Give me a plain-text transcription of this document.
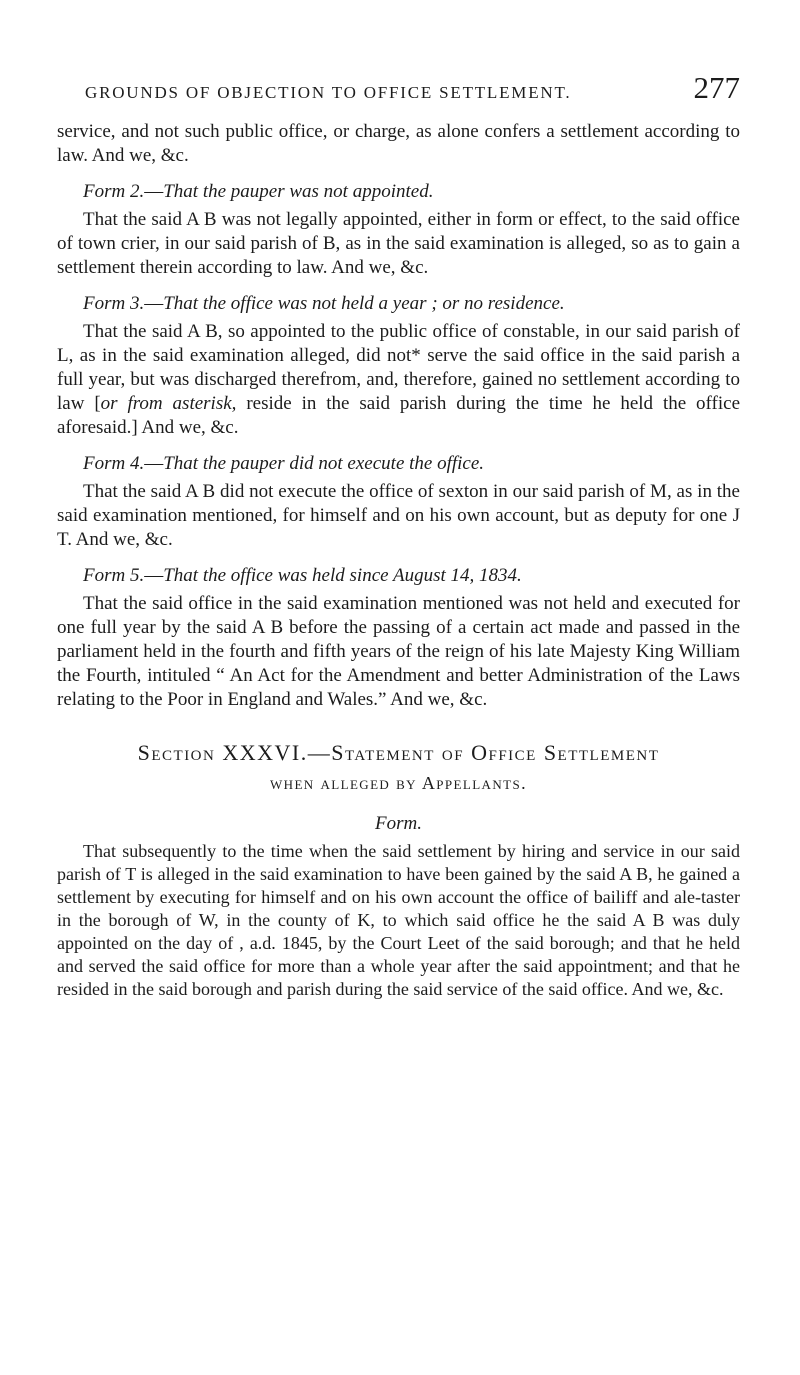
GROUNDS OF OBJECTION TO OFFICE SETTLEMENT.	277

service, and not such public office, or charge, as alone confers a settlement according to law. And we, &c.

Form 2.—That the pauper was not appointed.

That the said A B was not legally appointed, either in form or effect, to the said office of town crier, in our said parish of B, as in the said examination is alleged, so as to gain a settlement therein according to law. And we, &c.

Form 3.—That the office was not held a year ; or no residence.

That the said A B, so appointed to the public office of constable, in our said parish of L, as in the said examination alleged, did not* serve the said office in the said parish a full year, but was discharged therefrom, and, therefore, gained no settlement according to law [or from asterisk, reside in the said parish during the time he held the office aforesaid.] And we, &c.

Form 4.—That the pauper did not execute the office.

That the said A B did not execute the office of sexton in our said parish of M, as in the said examination mentioned, for himself and on his own account, but as deputy for one J T. And we, &c.

Form 5.—That the office was held since August 14, 1834.

That the said office in the said examination mentioned was not held and executed for one full year by the said A B before the passing of a certain act made and passed in the parliament held in the fourth and fifth years of the reign of his late Majesty King William the Fourth, intituled “ An Act for the Amendment and better Administration of the Laws relating to the Poor in England and Wales.” And we, &c.

Section XXXVI.—Statement of Office Settlement
when alleged by Appellants.
Form.

That subsequently to the time when the said settlement by hiring and service in our said parish of T is alleged in the said examination to have been gained by the said A B, he gained a settlement by executing for himself and on his own account the office of bailiff and ale-taster in the borough of W, in the county of K, to which said office he the said A B was duly appointed on the day of , a.d. 1845, by the Court Leet of the said borough; and that he held and served the said office for more than a whole year after the said appointment; and that he resided in the said borough and parish during the said service of the said office. And we, &c.
